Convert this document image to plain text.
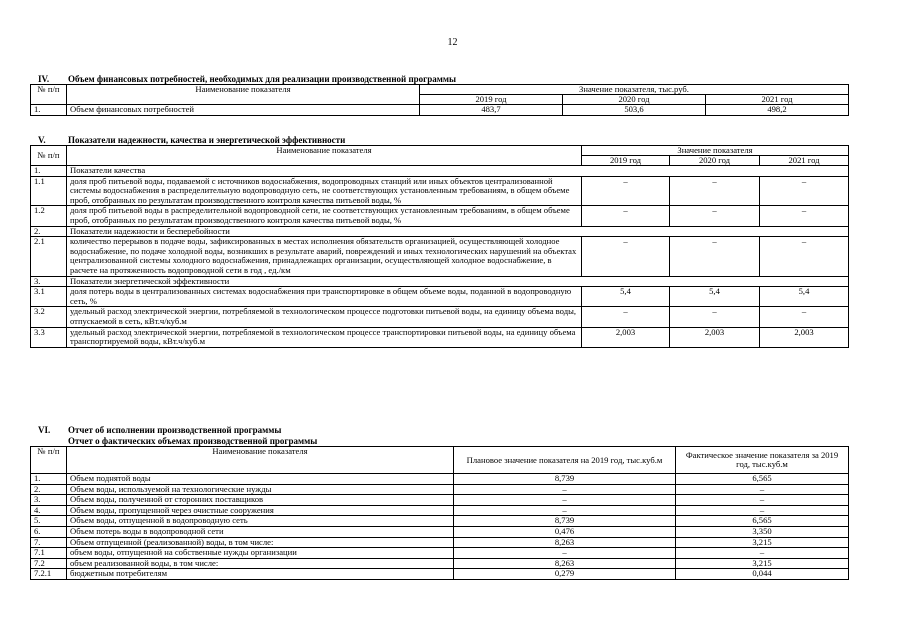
12
IV. Объем финансовых потребностей, необходимых для реализации производственной программы
№ п/п	Наименование показателя	Значение показателя, тыс.руб.		
		2019 год	2020 год	2021 год
1.	Объем финансовых потребностей	483,7	503,6	498,2
V. Показатели надежности, качества и энергетической эффективности
№ п/п	Наименование показателя	Значение показателя		
		2019 год	2020 год	2021 год
1.	Показатели качества			
1.1	доля проб питьевой воды, подаваемой с источников водоснабжения, водопроводных станций или иных объектов централизованной системы водоснабжения в распределительную водопроводную сеть, не соответствующих установленным требованиям, в общем объеме проб, отобранных по результатам производственного контроля качества питьевой воды, %	–	–	–
1.2	доля проб питьевой воды в распределительной водопроводной сети, не соответствующих установленным требованиям, в общем объеме проб, отобранных по результатам производственного контроля качества питьевой воды, %	–	–	–
2.	Показатели надежности и бесперебойности			
2.1	количество перерывов в подаче воды, зафиксированных в местах исполнения обязательств организацией, осуществляющей холодное водоснабжение, по подаче холодной воды, возникших в результате аварий, повреждений и иных технологических нарушений на объектах централизованной системы холодного водоснабжения, принадлежащих организации, осуществляющей холодное водоснабжение, в расчете на протяженность водопроводной сети в год , ед./км	–	–	–
3.	Показатели энергетической эффективности			
3.1	доля потерь воды в централизованных системах водоснабжения при транспортировке в общем объеме воды, поданной в водопроводную сеть, %	5,4	5,4	5,4
3.2	удельный расход электрической энергии, потребляемой в технологическом процессе подготовки питьевой воды, на единицу объема воды, отпускаемой в сеть, кВт.ч/куб.м	–	–	–
3.3	удельный расход электрической энергии, потребляемой в технологическом процессе транспортировки питьевой воды, на единицу объема транспортируемой воды, кВт.ч/куб.м	2,003	2,003	2,003
VI. Отчет об исполнении производственной программы
Отчет о фактических объемах производственной программы
№ п/п	Наименование показателя	Плановое значение показателя на 2019 год, тыс.куб.м	Фактическое значение показателя за 2019 год, тыс.куб.м
1.	Объем поднятой воды	8,739	6,565
2.	Объем воды, используемой на технологические нужды	–	–
3.	Объем воды, полученной от сторонних поставщиков	–	–
4.	Объем воды, пропущенной через очистные сооружения	–	–
5.	Объем воды, отпущенной в водопроводную сеть	8,739	6,565
6.	Объем потерь воды в водопроводной сети	0,476	3,350
7.	Объем отпущенной (реализованной) воды, в том числе:	8,263	3,215
7.1	объем воды, отпущенной на собственные нужды организации	–	–
7.2	объем реализованной воды, в том числе:	8,263	3,215
7.2.1	бюджетным потребителям	0,279	0,044
